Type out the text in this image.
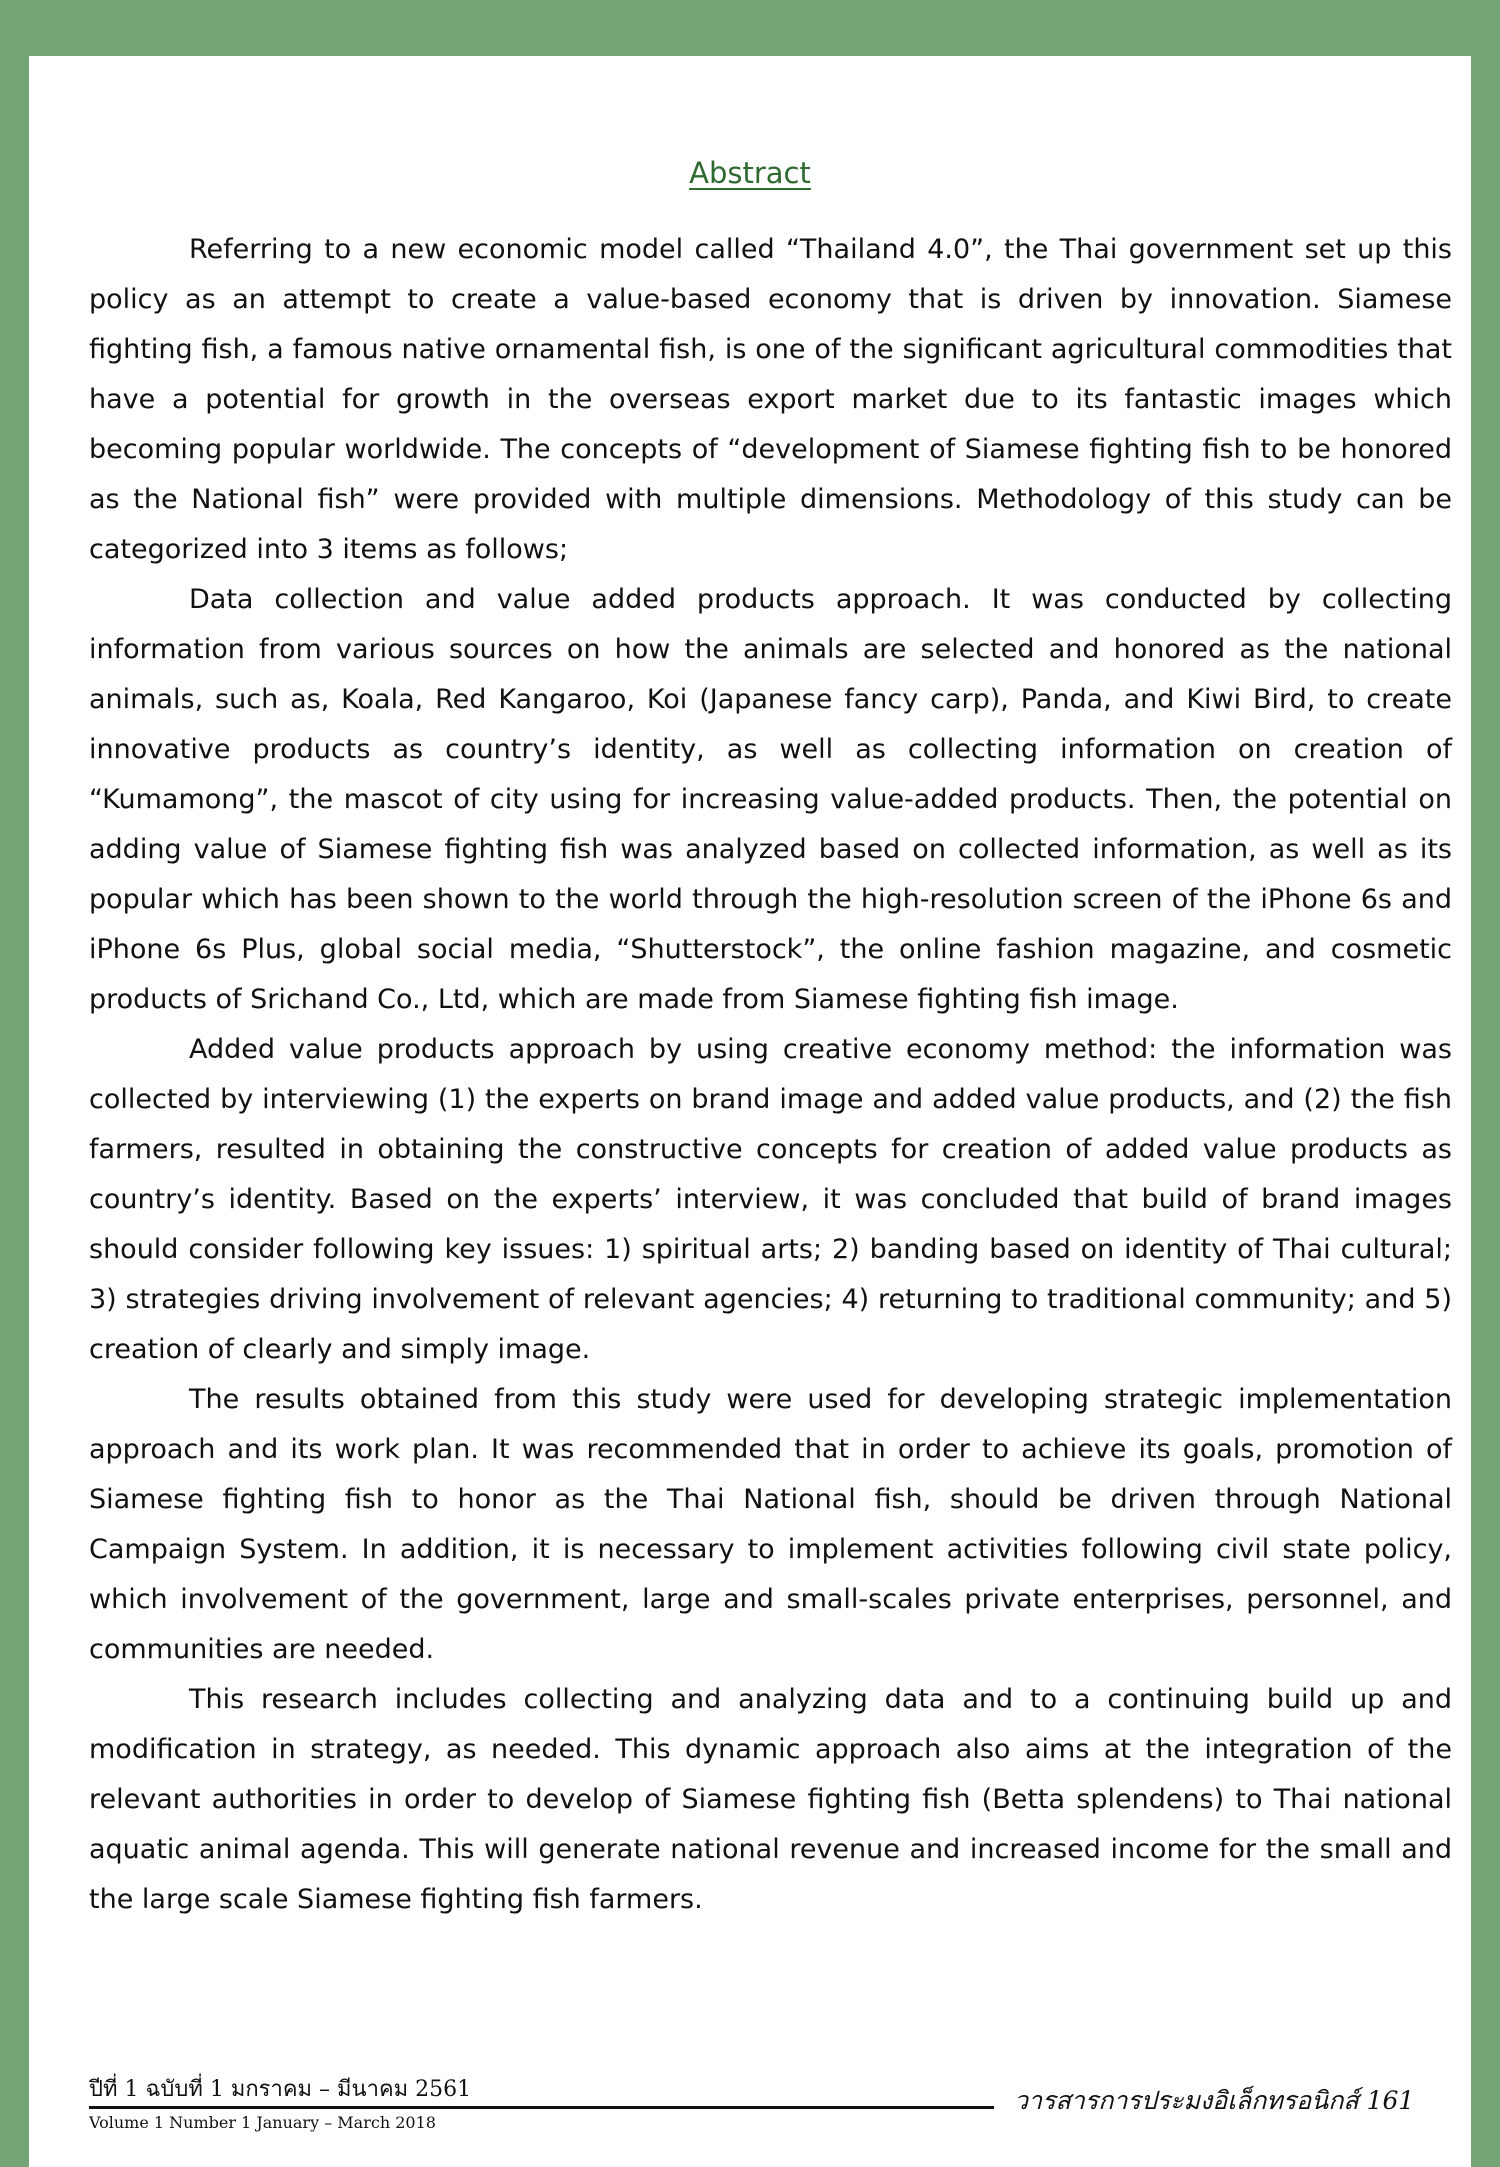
Abstract

Referring to a new economic model called “Thailand 4.0”, the Thai government set up this policy as an attempt to create a value-based economy that is driven by innovation. Siamese fighting fish, a famous native ornamental fish, is one of the significant agricultural commodities that have a potential for growth in the overseas export market due to its fantastic images which becoming popular worldwide. The concepts of “development of Siamese fighting fish to be honored as the National fish” were provided with multiple dimensions. Methodology of this study can be categorized into 3 items as follows;

Data collection and value added products approach. It was conducted by collecting information from various sources on how the animals are selected and honored as the national animals, such as, Koala, Red Kangaroo, Koi (Japanese fancy carp), Panda, and Kiwi Bird, to create innovative products as country’s identity, as well as collecting information on creation of “Kumamong”, the mascot of city using for increasing value-added products. Then, the potential on adding value of Siamese fighting fish was analyzed based on collected information, as well as its popular which has been shown to the world through the high-resolution screen of the iPhone 6s and iPhone 6s Plus, global social media, “Shutterstock”, the online fashion magazine, and cosmetic products of Srichand Co., Ltd, which are made from Siamese fighting fish image.

Added value products approach by using creative economy method: the information was collected by interviewing (1) the experts on brand image and added value products, and (2) the fish farmers, resulted in obtaining the constructive concepts for creation of added value products as country’s identity. Based on the experts’ interview, it was concluded that build of brand images should consider following key issues: 1) spiritual arts; 2) banding based on identity of Thai cultural; 3) strategies driving involvement of relevant agencies; 4) returning to traditional community; and 5) creation of clearly and simply image.

The results obtained from this study were used for developing strategic implementation approach and its work plan. It was recommended that in order to achieve its goals, promotion of Siamese fighting fish to honor as the Thai National fish, should be driven through National Campaign System. In addition, it is necessary to implement activities following civil state policy, which involvement of the government, large and small-scales private enterprises, personnel, and communities are needed.

This research includes collecting and analyzing data and to a continuing build up and modification in strategy, as needed. This dynamic approach also aims at the integration of the relevant authorities in order to develop of Siamese fighting fish (Betta splendens) to Thai national aquatic animal agenda. This will generate national revenue and increased income for the small and the large scale Siamese fighting fish farmers.

ปีที่ 1 ฉบับที่ 1 มกราคม – มีนาคม 2561
Volume 1 Number 1 January – March 2018
วารสารการประมงอิเล็กทรอนิกส์ 161
